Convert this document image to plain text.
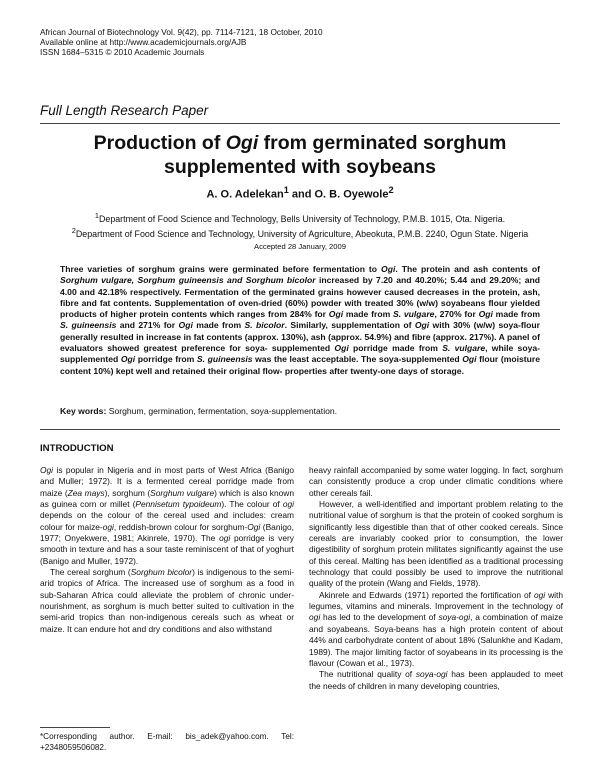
African Journal of Biotechnology Vol. 9(42), pp. 7114-7121, 18 October, 2010
Available online at http://www.academicjournals.org/AJB
ISSN 1684–5315 © 2010 Academic Journals
Full Length Research Paper
Production of Ogi from germinated sorghum supplemented with soybeans
A. O. Adelekan$^1$ and O. B. Oyewole$^2$
$^1$Department of Food Science and Technology, Bells University of Technology, P.M.B. 1015, Ota. Nigeria.
$^2$Department of Food Science and Technology, University of Agriculture, Abeokuta, P.M.B. 2240, Ogun State. Nigeria
Accepted 28 January, 2009
Three varieties of sorghum grains were germinated before fermentation to Ogi. The protein and ash contents of Sorghum vulgare, Sorghum guineensis and Sorghum bicolor increased by 7.20 and 40.20%; 5.44 and 29.20%; and 4.00 and 42.18% respectively. Fermentation of the germinated grains however caused decreases in the protein, ash, fibre and fat contents. Supplementation of oven-dried (60%) powder with treated 30% (w/w) soyabeans flour yielded products of higher protein contents which ranges from 284% for Ogi made from S. vulgare, 270% for Ogi made from S. guineensis and 271% for Ogi made from S. bicolor. Similarly, supplementation of Ogi with 30% (w/w) soya-flour generally resulted in increase in fat contents (approx. 130%), ash (approx. 54.9%) and fibre (approx. 217%). A panel of evaluators showed greatest preference for soya- supplemented Ogi porridge made from S. vulgare, while soya-supplemented Ogi porridge from S. guineensis was the least acceptable. The soya-supplemented Ogi flour (moisture content 10%) kept well and retained their original flow- properties after twenty-one days of storage.
Key words: Sorghum, germination, fermentation, soya-supplementation.
INTRODUCTION

Ogi is popular in Nigeria and in most parts of West Africa (Banigo and Muller; 1972). It is a fermented cereal porridge made from maize (Zea mays), sorghum (Sorghum vulgare) which is also known as guinea corn or millet (Pennisetum typoideum). The colour of ogi depends on the colour of the cereal used and includes: cream colour for maize-ogi, reddish-brown colour for sorghum-Ogi (Banigo, 1977; Onyekwere, 1981; Akinrele, 1970). The ogi porridge is very smooth in texture and has a sour taste reminiscent of that of yoghurt (Banigo and Muller, 1972).

The cereal sorghum (Sorghum bicolor) is indigenous to the semi-arid tropics of Africa. The increased use of sorghum as a food in sub-Saharan Africa could alleviate the problem of chronic under-nourishment, as sorghum is much better suited to cultivation in the semi-arid tropics than non-indigenous cereals such as wheat or maize. It can endure hot and dry conditions and also withstand

heavy rainfall accompanied by some water logging. In fact, sorghum can consistently produce a crop under climatic conditions where other cereals fail.

However, a well-identified and important problem relating to the nutritional value of sorghum is that the protein of cooked sorghum is significantly less digestible than that of other cooked cereals. Since cereals are invariably cooked prior to consumption, the lower digestibility of sorghum protein militates significantly against the use of this cereal. Malting has been identified as a traditional processing technology that could possibly be used to improve the nutritional quality of the protein (Wang and Fields, 1978).

Akinrele and Edwards (1971) reported the fortification of ogi with legumes, vitamins and minerals. Improvement in the technology of ogi has led to the development of soya-ogi, a combination of maize and soyabeans. Soya-beans has a high protein content of about 44% and carbohydrate content of about 18% (Salunkhe and Kadam, 1989). The major limiting factor of soyabeans in its processing is the flavour (Cowan et al., 1973).

The nutritional quality of soya-ogi has been applauded to meet the needs of children in many developing countries,

*Corresponding author. E-mail: bis_adek@yahoo.com. Tel: +2348059506082.
